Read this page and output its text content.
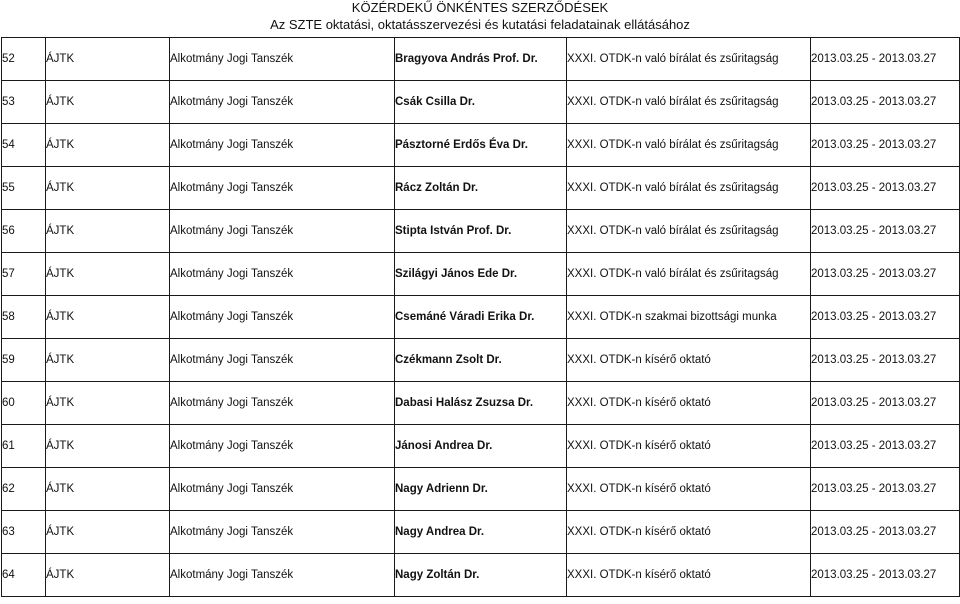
KÖZÉRDEKŰ ÖNKÉNTES SZERZŐDÉSEK
Az SZTE oktatási, oktatásszervezési és kutatási feladatainak ellátásához
52	ÁJTK	Alkotmány Jogi Tanszék	Bragyova András Prof. Dr.	XXXI. OTDK-n való bírálat és zsűritagság	2013.03.25 - 2013.03.27
53	ÁJTK	Alkotmány Jogi Tanszék	Csák Csilla Dr.	XXXI. OTDK-n való bírálat és zsűritagság	2013.03.25 - 2013.03.27
54	ÁJTK	Alkotmány Jogi Tanszék	Pásztorné Erdős Éva Dr.	XXXI. OTDK-n való bírálat és zsűritagság	2013.03.25 - 2013.03.27
55	ÁJTK	Alkotmány Jogi Tanszék	Rácz Zoltán Dr.	XXXI. OTDK-n való bírálat és zsűritagság	2013.03.25 - 2013.03.27
56	ÁJTK	Alkotmány Jogi Tanszék	Stipta István Prof. Dr.	XXXI. OTDK-n való bírálat és zsűritagság	2013.03.25 - 2013.03.27
57	ÁJTK	Alkotmány Jogi Tanszék	Szilágyi János Ede Dr.	XXXI. OTDK-n való bírálat és zsűritagság	2013.03.25 - 2013.03.27
58	ÁJTK	Alkotmány Jogi Tanszék	Csemáné Váradi Erika Dr.	XXXI. OTDK-n szakmai bizottsági munka	2013.03.25 - 2013.03.27
59	ÁJTK	Alkotmány Jogi Tanszék	Czékmann Zsolt Dr.	XXXI. OTDK-n kísérő oktató	2013.03.25 - 2013.03.27
60	ÁJTK	Alkotmány Jogi Tanszék	Dabasi Halász Zsuzsa Dr.	XXXI. OTDK-n kísérő oktató	2013.03.25 - 2013.03.27
61	ÁJTK	Alkotmány Jogi Tanszék	Jánosi Andrea Dr.	XXXI. OTDK-n kísérő oktató	2013.03.25 - 2013.03.27
62	ÁJTK	Alkotmány Jogi Tanszék	Nagy Adrienn Dr.	XXXI. OTDK-n kísérő oktató	2013.03.25 - 2013.03.27
63	ÁJTK	Alkotmány Jogi Tanszék	Nagy Andrea Dr.	XXXI. OTDK-n kísérő oktató	2013.03.25 - 2013.03.27
64	ÁJTK	Alkotmány Jogi Tanszék	Nagy Zoltán Dr.	XXXI. OTDK-n kísérő oktató	2013.03.25 - 2013.03.27
